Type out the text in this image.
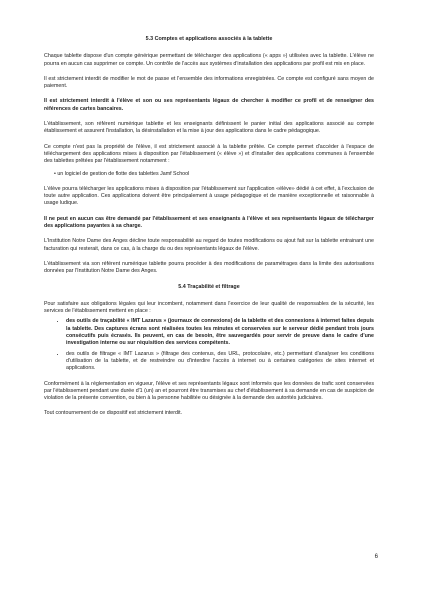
5.3 Comptes et applications associés à la tablette

Chaque tablette dispose d'un compte générique permettant de télécharger des applications (« apps ») utilisées avec la tablette. L'élève ne pourra en aucun cas supprimer ce compte. Un contrôle de l'accès aux systèmes d'installation des applications par profil est mis en place.

Il est strictement interdit de modifier le mot de passe et l'ensemble des informations enregistrées. Ce compte est configuré sans moyen de paiement.

Il est strictement interdit à l'élève et son ou ses représentants légaux de chercher à modifier ce profil et de renseigner des références de cartes bancaires.

L'établissement, son référent numérique tablette et les enseignants définissent le panier initial des applications associé au compte établissement et assurent l'installation, la désinstallation et la mise à jour des applications dans le cadre pédagogique.

Ce compte n'est pas la propriété de l'élève, il est strictement associé à la tablette prêtée. Ce compte permet d'accéder à l'espace de téléchargement des applications mises à disposition par l'établissement (« élève ») et d'installer des applications communes à l'ensemble des tablettes prêtées par l'établissement notamment :

• un logiciel de gestion de flotte des tablettes Jamf School

L'élève pourra télécharger les applications mises à disposition par l'établissement sur l'application «élève» dédié à cet effet, à l'exclusion de toute autre application. Ces applications doivent être principalement à usage pédagogique et de manière exceptionnelle et raisonnable à usage ludique.

Il ne peut en aucun cas être demandé par l'établissement et ses enseignants à l'élève et ses représentants légaux de télécharger des applications payantes à sa charge.

L'Institution Notre Dame des Anges décline toute responsabilité au regard de toutes modifications ou ajout fait sur la tablette entrainant une facturation qui resterait, dans ce cas, à la charge du ou des représentants légaux de l'élève.

L'établissement via son référent numérique tablette pourra procéder à des modifications de paramétrages dans la limite des autorisations données par l'Institution Notre Dame des Anges.

5.4 Traçabilité et filtrage

Pour satisfaire aux obligations légales qui leur incombent, notamment dans l'exercice de leur qualité de responsables de la sécurité, les services de l'établissement mettent en place :

• des outils de traçabilité « IMT Lazarus » (journaux de connexions) de la tablette et des connexions à internet faites depuis la tablette. Des captures écrans sont réalisées toutes les minutes et conservées sur le serveur dédié pendant trois jours consécutifs puis écrasés. Ils peuvent, en cas de besoin, être sauvegardés pour servir de preuve dans le cadre d'une investigation interne ou sur réquisition des services compétents.
• des outils de filtrage « IMT Lazarus » (filtrage des contenus, des URL, protocolaire, etc.) permettant d'analyser les conditions d'utilisation de la tablette, et de restreindre ou d'interdire l'accès à internet ou à certaines catégories de sites internet et applications.

Conformément à la réglementation en vigueur, l'élève et ses représentants légaux sont informés que les données de trafic sont conservées par l'établissement pendant une durée d'1 (un) an et pourront être transmises au chef d'établissement à sa demande en cas de suspicion de violation de la présente convention, ou bien à la personne habilitée ou désignée à la demande des autorités judiciaires.

Tout contournement de ce dispositif est strictement interdit.

6
